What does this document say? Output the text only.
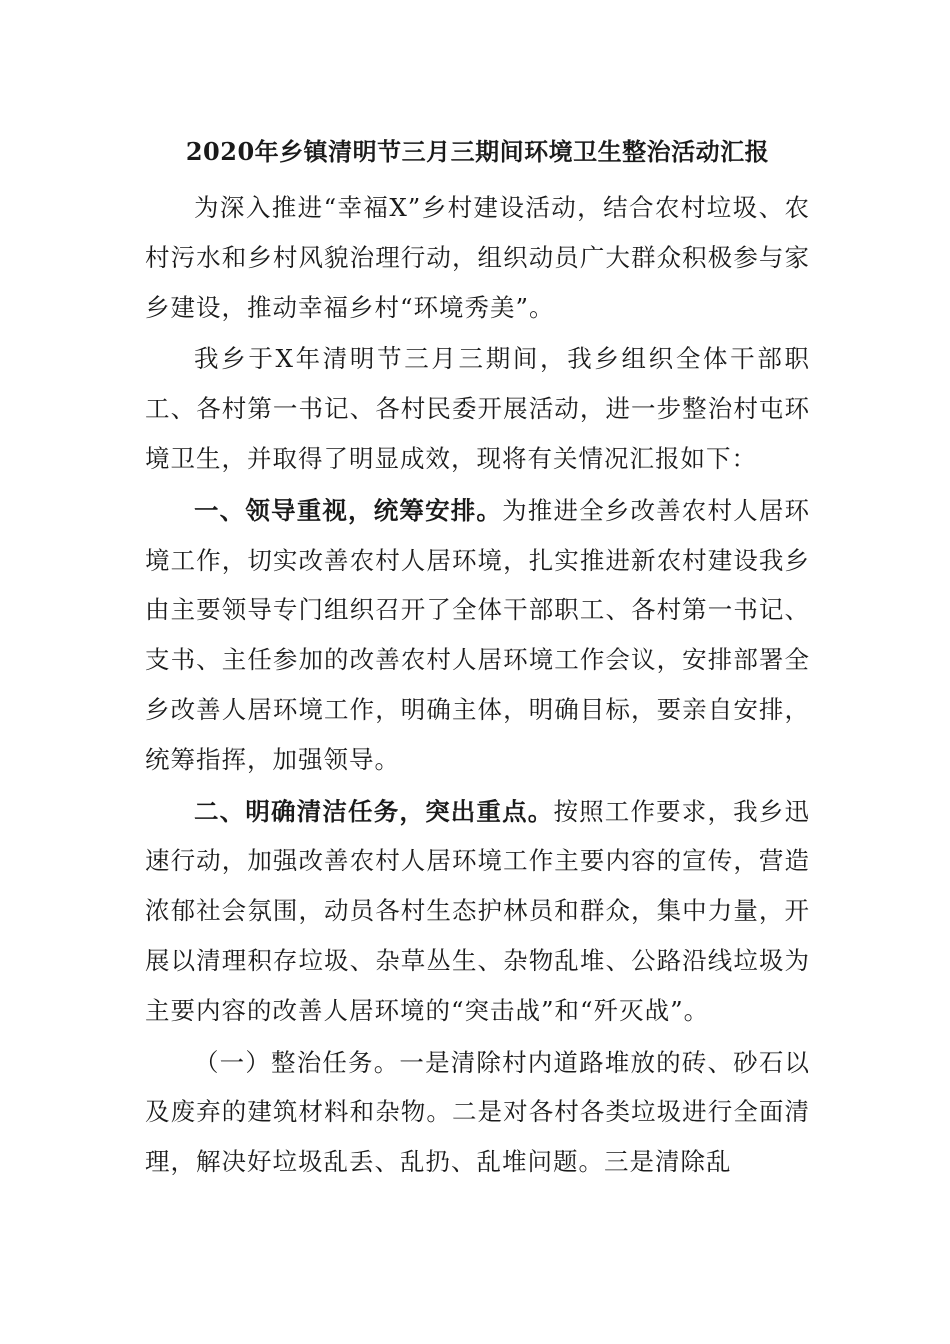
2020年乡镇清明节三月三期间环境卫生整治活动汇报

为深入推进“幸福X”乡村建设活动，结合农村垃圾、农村污水和乡村风貌治理行动，组织动员广大群众积极参与家乡建设，推动幸福乡村“环境秀美”。

我乡于X年清明节三月三期间，我乡组织全体干部职工、各村第一书记、各村民委开展活动，进一步整治村屯环境卫生，并取得了明显成效，现将有关情况汇报如下：

一、领导重视，统筹安排。为推进全乡改善农村人居环境工作，切实改善农村人居环境，扎实推进新农村建设我乡由主要领导专门组织召开了全体干部职工、各村第一书记、支书、主任参加的改善农村人居环境工作会议，安排部署全乡改善人居环境工作，明确主体，明确目标，要亲自安排，统筹指挥，加强领导。

二、明确清洁任务，突出重点。按照工作要求，我乡迅速行动，加强改善农村人居环境工作主要内容的宣传，营造浓郁社会氛围，动员各村生态护林员和群众，集中力量，开展以清理积存垃圾、杂草丛生、杂物乱堆、公路沿线垃圾为主要内容的改善人居环境的“突击战”和“歼灭战”。

（一）整治任务。一是清除村内道路堆放的砖、砂石以及废弃的建筑材料和杂物。二是对各村各类垃圾进行全面清理，解决好垃圾乱丢、乱扔、乱堆问题。三是清除乱
